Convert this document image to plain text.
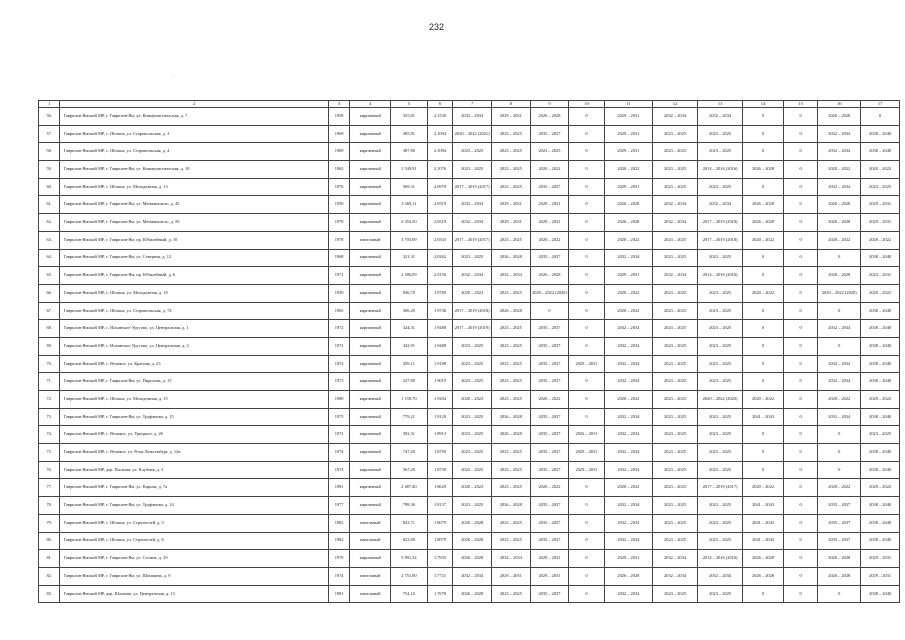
232
·
1	2	3	4	5	6	7	8	9	10	11	12	13	14	15	16	17
56.	Гаврилов-Ямский МР, г. Гаврилов-Ям, ул. Коммунистическая, д. 7	1958	кирпичный	355,81	2.1530	2032 – 2034	2029 – 2031	2026 – 2028	0	2029 – 2031	2032 – 2034	2032 – 2034	0	0	2026 – 2028	0
57.	Гаврилов-Ямский МР, с. Шопша, ул. Старовольская, д. 3	1969	кирпичный	385,81	2.1094	2020 – 2022 (2021)	2023 – 2025	2035 – 2037	0	2029 – 2031	2023 – 2025	2023 – 2025	0	0	2032 – 2034	2038 – 2040
58.	Гаврилов-Ямский МР, с. Шопша, ул. Старовольская, д. 4	1969	кирпичный	387,80	2.1094	2023 – 2025	2023 – 2025	2023 – 2025	0	2029 – 2031	2023 – 2025	2023 – 2025	0	0	2032 – 2034	2038 – 2040
59.	Гаврилов-Ямский МР, г. Гаврилов-Ям, ул. Коммунистическая, д. 10	1962	кирпичный	1 549,91	2.1076	2023 – 2025	2023 – 2025	2020 – 2022	0	2020 – 2022	2023 – 2025	2014 – 2016 (2016)	2026 – 2028	0	2020 – 2022	2020 – 2022
60.	Гаврилов-Ямский МР, с. Шопша, ул. Молодежная, д. 13	1976	кирпичный	569,31	2.0979	2017 – 2019 (2017)	2023 – 2025	2035 – 2037	0	2029 – 2031	2023 – 2025	2023 – 2025	0	0	2032 – 2034	2023 – 2025
61.	Гаврилов-Ямский МР, г. Гаврилов-Ям, ул. Менжинского, д. 45	1950	кирпичный	3 369,11	2.0519	2032 – 2034	2029 – 2031	2029 – 2031	0	2026 – 2028	2032 – 2034	2032 – 2034	2026 – 2028	0	2026 – 2028	2029 – 2031
62.	Гаврилов-Ямский МР, г. Гаврилов-Ям, ул. Менжинского, д. 59	1970	кирпичный	2 354,50	2.0519	2032 – 2034	2029 – 2031	2029 – 2031	0	2026 – 2028	2032 – 2034	2017 – 2019 (2018)	2026 – 2028	0	2026 – 2028	2029 – 2031
63.	Гаврилов-Ямский МР, г. Гаврилов-Ям, пр. Юбилейный, д. 10	1978	панельный	3 703,09	2.0333	2017 – 2019 (2017)	2023 – 2025	2020 – 2022	0	2020 – 2022	2023 – 2025	2017 – 2019 (2018)	2020 – 2022	0	2020 – 2022	2020 – 2022
64.	Гаврилов-Ямский МР, г. Гаврилов-Ям, ул. Северная, д. 12	1968	кирпичный	321,31	2.0262	2023 – 2025	2026 – 2028	2035 – 2037	0	2032 – 2034	2023 – 2025	2023 – 2025	0	0	0	2038 – 2040
65.	Гаврилов-Ямский МР, г. Гаврилов-Ям, пр. Юбилейный, д. 6	1971	кирпичный	2 286,09	2.0156	2032 – 2034	2032 – 2034	2026 – 2028	0	2029 – 2031	2032 – 2034	2014 – 2016 (2016)	0	0	2026 – 2028	2023 – 2031
66.	Гаврилов-Ямский МР, с. Шопша, ул. Молодежная, д. 10	1939	кирпичный	846,70	1.9769	2020 – 2022	2023 – 2025	2020 – 2022 (2020)	0	2020 – 2022	2023 – 2025	2023 – 2025	2020 – 2022	0	2020 – 2022 (2020)	2020 – 2022
67.	Гаврилов-Ямский МР, с. Шопша, ул. Старовольская, д. 74	1965	кирпичный	306,20	1.9736	2017 – 2019 (2018)	2026 – 2028	0	0	2020 – 2022	2023 – 2025	2023 – 2025	0	0	0	2038 – 2040
68.	Гаврилов-Ямский МР, с. Ильинское-Урусово, ул. Центральная, д. 1	1972	кирпичный	324,31	1.9488	2017 – 2019 (2019)	2023 – 2025	2035 – 2037	0	2032 – 2034	2023 – 2025	2023 – 2025	0	0	2032 – 2034	2038 – 2040
69.	Гаврилов-Ямский МР, с. Ильинское-Урусово, ул. Центральная, д. 2	1972	кирпичный	342,91	1.9488	2023 – 2025	2023 – 2025	2035 – 2037	0	2032 – 2034	2023 – 2025	2023 – 2025	0	0	0	2038 – 2040
70.	Гаврилов-Ямский МР, с. Великое, ул. Красная, д. 23	1972	кирпичный	459,11	1.9188	2023 – 2025	2023 – 2025	2035 – 2037	2029 – 2031	2032 – 2034	2023 – 2025	2023 – 2025	0	0	2032 – 2034	2038 – 2040
71.	Гаврилов-Ямский МР, г. Гаврилов-Ям, ул. Пирогова, д. 15	1973	кирпичный	227,80	1.9019	2023 – 2025	2023 – 2025	2035 – 2037	0	2032 – 2034	2023 – 2025	2023 – 2025	0	0	2032 – 2034	2038 – 2040
72.	Гаврилов-Ямский МР, с. Шопша, ул. Молодежная, д. 15	1980	кирпичный	1 158,70	1.9204	2020 – 2022	2023 – 2025	2020 – 2022	0	2020 – 2022	2023 – 2025	2020 – 2022 (2020)	2020 – 2022	0	2020 – 2022	2020 – 2022
73.	Гаврилов-Ямский МР, г. Гаврилов-Ям, ул. Труфанова, д. 15	1975	кирпичный	779,21	1.9129	2023 – 2025	2026 – 2028	2035 – 2037	0	2032 – 2034	2023 – 2025	2023 – 2025	2041 – 2043	0	2032 – 2034	2038 – 2040
74.	Гаврилов-Ямский МР, с. Великое, ул. Урицкого, д. 26	1972	кирпичный	392,31	1.8913	2023 – 2025	2026 – 2028	2035 – 2037	2026 – 2031	2032 – 2034	2023 – 2025	2023 – 2025	0	0	0	2023 – 2025
75.	Гаврилов-Ямский МР, с. Великое, ул. Розы Люксембург, д. 12в	1974	кирпичный	747,20	1.8750	2023 – 2025	2023 – 2025	2035 – 2037	2029 – 2031	2032 – 2034	2023 – 2025	2023 – 2025	0	0	0	2038 – 2040
76.	Гаврилов-Ямский МР, дер. Пасилая, ул. Клубная, д. 3	1974	кирпичный	567,20	1.8750	2023 – 2025	2023 – 2025	2035 – 2037	2029 – 2031	2032 – 2034	2023 – 2025	2023 – 2025	0	0	0	2038 – 2040
77.	Гаврилов-Ямский МР, г. Гаврилов-Ям, ул. Кирова, д. 7а	1981	кирпичный	2 487,40	1.8629	2020 – 2022	2023 – 2025	2020 – 2022	0	2020 – 2022	2023 – 2025	2017 – 2019 (2017)	2020 – 2022	0	2020 – 2022	2020 – 2022
78.	Гаврилов-Ямский МР, г. Гаврилов-Ям, ул. Труфанова, д. 14	1977	кирпичный	798,36	1.8137	2023 – 2025	2026 – 2028	2035 – 2037	0	2032 – 2034	2023 – 2025	2023 – 2025	2041 – 2043	0	2035 – 2037	2038 – 2040
79.	Гаврилов-Ямский МР, с. Шопша, ул. Строителей, д. 5	1982	панельный	843,71	1.8079	2026 – 2028	2023 – 2025	2035 – 2037	0	2032 – 2034	2023 – 2025	2023 – 2025	2041 – 2043	0	2035 – 2037	2038 – 2040
80.	Гаврилов-Ямский МР, с. Шопша, ул. Строителей, д. 6	1982	панельный	823,80	1.8079	2026 – 2028	2023 – 2025	2035 – 2037	0	2032 – 2034	2023 – 2025	2023 – 2025	2041 – 2043	0	2035 – 2037	2038 – 2040
81.	Гаврилов-Ямский МР, г. Гаврилов-Ям, ул. Сосина, д. 29	1979	кирпичный	5 891,34	1.7935	2026 – 2028	2032 – 2034	2029 – 2031	0	2029 – 2031	2032 – 2034	2014 – 2016 (2016)	2026 – 2028	0	2026 – 2028	2029 – 2031
82.	Гаврилов-Ямский МР, г. Гаврилов-Ям, ул. Шишкина, д. 9	1974	панельный	2 751,00	1.7731	2032 – 2034	2029 – 2031	2029 – 2031	0	2026 – 2028	2032 – 2034	2032 – 2034	2026 – 2028	0	2026 – 2028	2029 – 2031
83.	Гаврилов-Ямский МР, дер. Шалаева, ул. Центральная, д. 13	1981	панельный	754,10	1.7678	2026 – 2028	2023 – 2025	2035 – 2037	0	2032 – 2034	2023 – 2025	2023 – 2025	0	0	0	2038 – 2040
